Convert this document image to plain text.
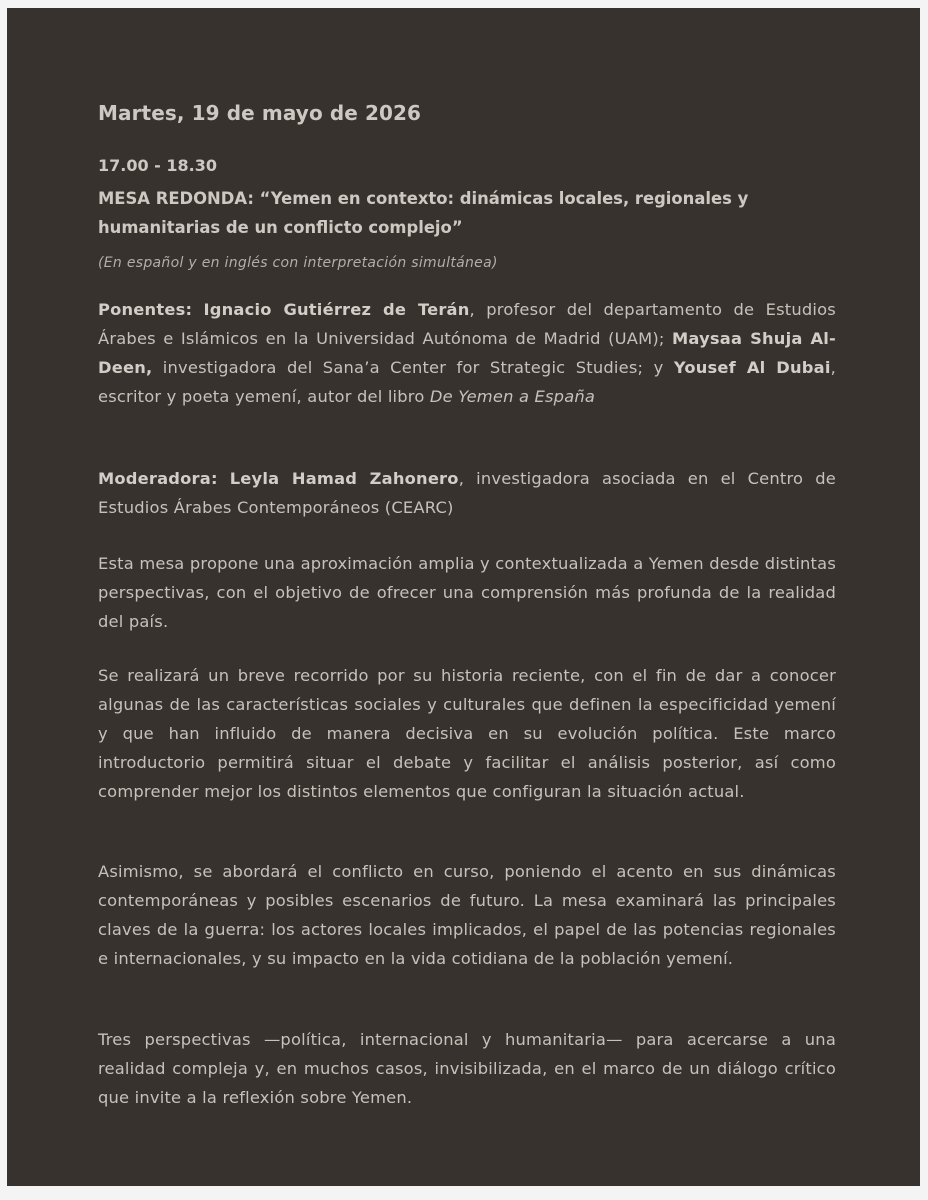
Martes, 19 de mayo de 2026
17.00 - 18.30
MESA REDONDA: “Yemen en contexto: dinámicas locales, regionales y humanitarias de un conflicto complejo”
(En español y en inglés con interpretación simultánea)

Ponentes: Ignacio Gutiérrez de Terán, profesor del departamento de Estudios Árabes e Islámicos en la Universidad Autónoma de Madrid (UAM); Maysaa Shuja Al-Deen, investigadora del Sana’a Center for Strategic Studies; y Yousef Al Dubai, escritor y poeta yemení, autor del libro De Yemen a España

Moderadora: Leyla Hamad Zahonero, investigadora asociada en el Centro de Estudios Árabes Contemporáneos (CEARC)

Esta mesa propone una aproximación amplia y contextualizada a Yemen desde distintas perspectivas, con el objetivo de ofrecer una comprensión más profunda de la realidad del país.

Se realizará un breve recorrido por su historia reciente, con el fin de dar a conocer algunas de las características sociales y culturales que definen la especificidad yemení y que han influido de manera decisiva en su evolución política. Este marco introductorio permitirá situar el debate y facilitar el análisis posterior, así como comprender mejor los distintos elementos que configuran la situación actual.

Asimismo, se abordará el conflicto en curso, poniendo el acento en sus dinámicas contemporáneas y posibles escenarios de futuro. La mesa examinará las principales claves de la guerra: los actores locales implicados, el papel de las potencias regionales e internacionales, y su impacto en la vida cotidiana de la población yemení.

Tres perspectivas —política, internacional y humanitaria— para acercarse a una realidad compleja y, en muchos casos, invisibilizada, en el marco de un diálogo crítico que invite a la reflexión sobre Yemen.
